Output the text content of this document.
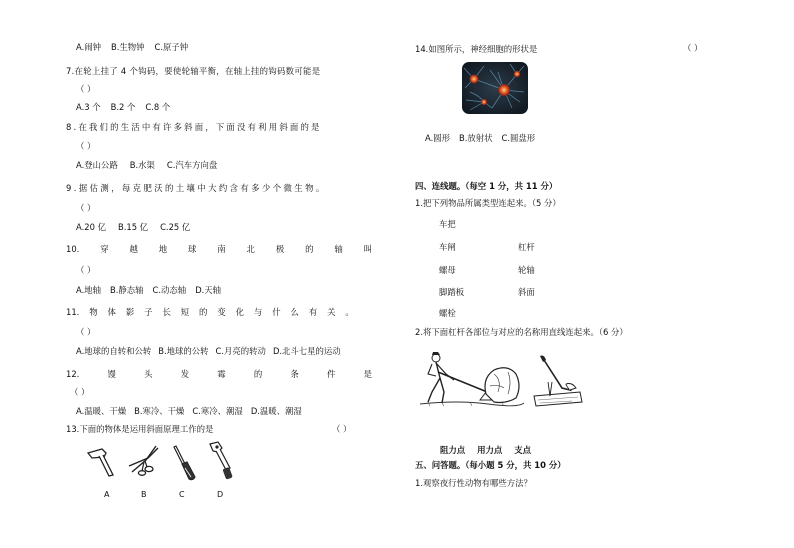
A.闹钟 B.生物钟 C.原子钟
7.在轮上挂了 4 个钩码，要使轮轴平衡，在轴上挂的钩码数可能是
（ ）
A.3 个 B.2 个 C.8 个
8.在我们的生活中有许多斜面，下面没有利用斜面的是
（ ）
A.登山公路 B.水渠 C.汽车方向盘
9.据估测，每克肥沃的土壤中大约含有多少个微生物。
（ ）
A.20 亿 B.15 亿 C.25 亿
10. 穿 越 地 球 南 北 极 的 轴 叫
（ ）
A.地轴 B.静态轴 C.动态轴 D.天轴
11. 物 体 影 子 长 短 的 变 化 与 什 么 有 关 。
（ ）
A.地球的自转和公转 B.地球的公转 C.月亮的转动 D.北斗七星的运动
12.	馒	头	发	霉	的	条	件	是
（ ）
A.温暖、干燥 B.寒冷、干燥 C.寒冷、潮湿 D.温暖、潮湿
13.下面的物体是运用斜面原理工作的是	（ ）
A	B	C	D
14.如图所示，神经细胞的形状是	（ ）
A.圆形 B.放射状 C.圆盘形
四、连线题。（每空 1 分，共 11 分）
1.把下列物品所属类型连起来。（5 分）
车把
车闸
螺母
脚踏板
螺栓
杠杆
轮轴
斜面
2.将下面杠杆各部位与对应的名称用直线连起来。（6 分）
阻力点 用力点 支点
五、问答题。（每小题 5 分，共 10 分）
1.观察夜行性动物有哪些方法？
